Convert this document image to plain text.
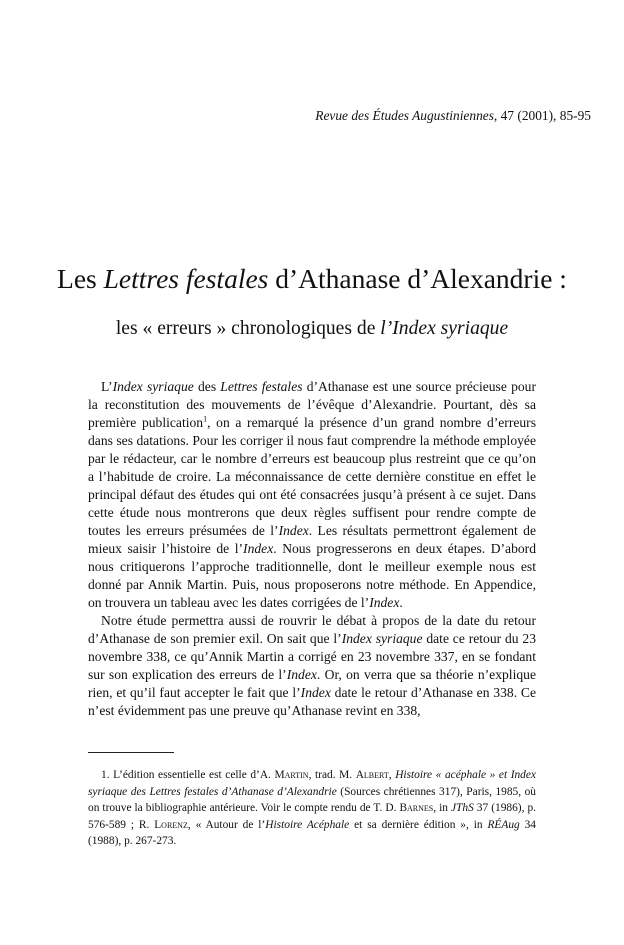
Revue des Études Augustiniennes, 47 (2001), 85-95
Les Lettres festales d’Athanase d’Alexandrie :
les « erreurs » chronologiques de l’Index syriaque

L’Index syriaque des Lettres festales d’Athanase est une source précieuse pour la reconstitution des mouvements de l’évêque d’Alexandrie. Pourtant, dès sa première publication$^1$, on a remarqué la présence d’un grand nombre d’erreurs dans ses datations. Pour les corriger il nous faut comprendre la méthode employée par le rédacteur, car le nombre d’erreurs est beaucoup plus restreint que ce qu’on a l’habitude de croire. La méconnaissance de cette dernière constitue en effet le principal défaut des études qui ont été consacrées jusqu’à présent à ce sujet. Dans cette étude nous montrerons que deux règles suffisent pour rendre compte de toutes les erreurs présumées de l’Index. Les résultats permettront également de mieux saisir l’histoire de l’Index. Nous progresserons en deux étapes. D’abord nous critiquerons l’approche traditionnelle, dont le meilleur exemple nous est donné par Annik Martin. Puis, nous proposerons notre méthode. En Appendice, on trouvera un tableau avec les dates corrigées de l’Index.

Notre étude permettra aussi de rouvrir le débat à propos de la date du retour d’Athanase de son premier exil. On sait que l’Index syriaque date ce retour du 23 novembre 338, ce qu’Annik Martin a corrigé en 23 novembre 337, en se fondant sur son explication des erreurs de l’Index. Or, on verra que sa théorie n’explique rien, et qu’il faut accepter le fait que l’Index date le retour d’Athanase en 338. Ce n’est évidemment pas une preuve qu’Athanase revint en 338,

1. L’édition essentielle est celle d’A. Martin, trad. M. Albert, Histoire « acéphale » et Index syriaque des Lettres festales d’Athanase d’Alexandrie (Sources chrétiennes 317), Paris, 1985, où on trouve la bibliographie antérieure. Voir le compte rendu de T. D. Barnes, in JThS 37 (1986), p. 576-589 ; R. Lorenz, « Autour de l’Histoire Acéphale et sa dernière édition », in RÉAug 34 (1988), p. 267-273.
